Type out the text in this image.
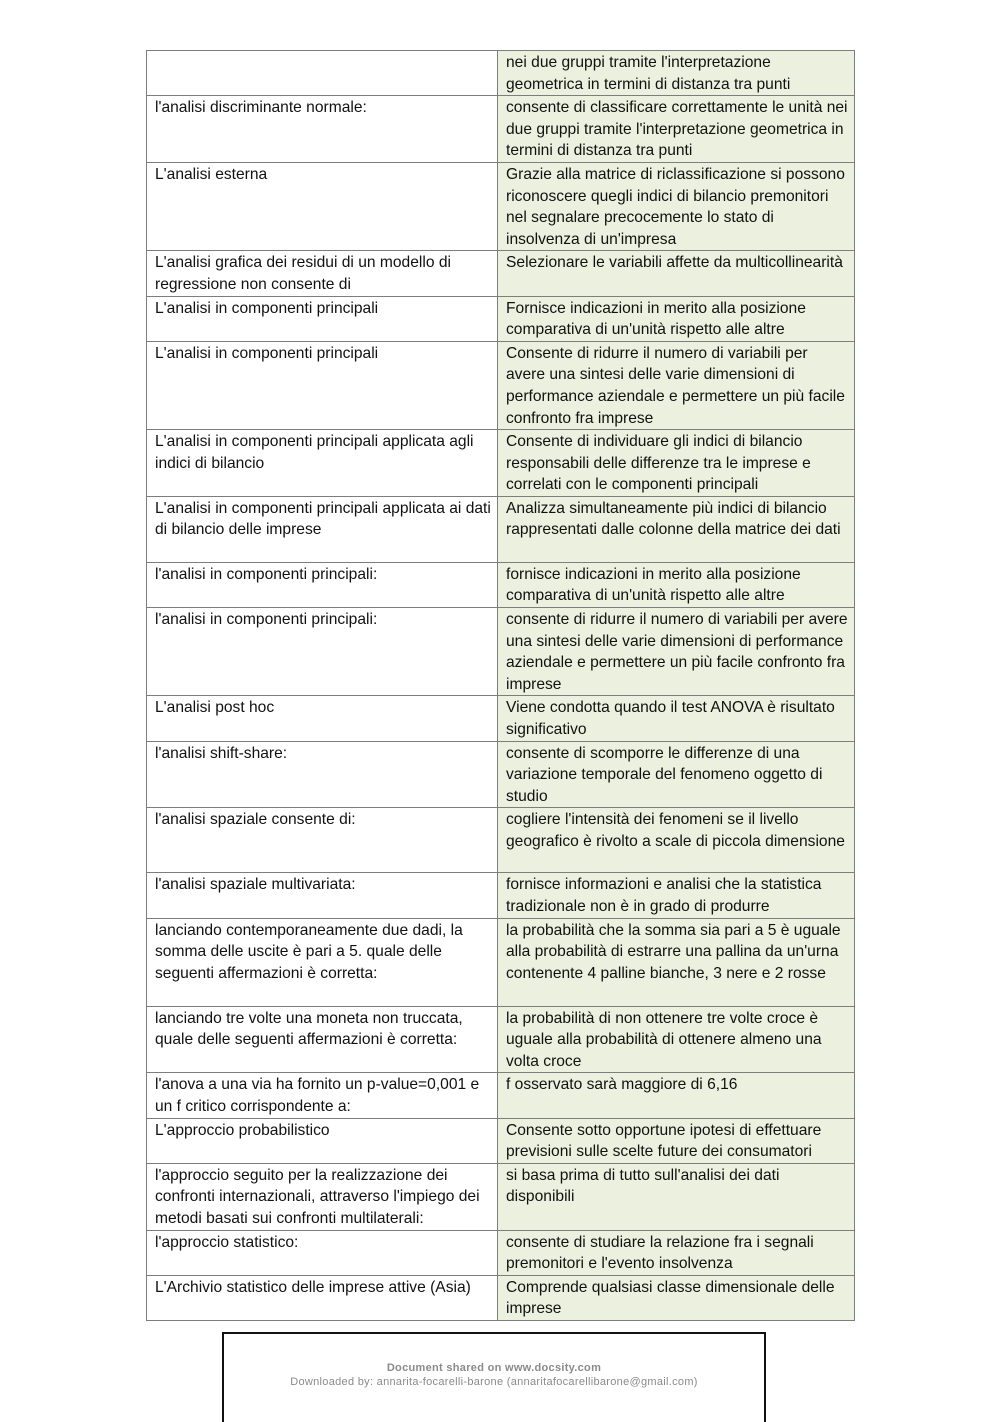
	nei due gruppi tramite l'interpretazione geometrica in termini di distanza tra punti
l'analisi discriminante normale:	consente di classificare correttamente le unità nei due gruppi tramite l'interpretazione geometrica in termini di distanza tra punti
L'analisi esterna	Grazie alla matrice di riclassificazione si possono riconoscere quegli indici di bilancio premonitori nel segnalare precocemente lo stato di insolvenza di un'impresa
L'analisi grafica dei residui di un modello di regressione non consente di	Selezionare le variabili affette da multicollinearità
L'analisi in componenti principali	Fornisce indicazioni in merito alla posizione comparativa di un'unità rispetto alle altre
L'analisi in componenti principali	Consente di ridurre il numero di variabili per avere una sintesi delle varie dimensioni di performance aziendale e permettere un più facile confronto fra imprese
L'analisi in componenti principali applicata agli indici di bilancio	Consente di individuare gli indici di bilancio responsabili delle differenze tra le imprese e correlati con le componenti principali
L'analisi in componenti principali applicata ai dati di bilancio delle imprese	Analizza simultaneamente più indici di bilancio rappresentati dalle colonne della matrice dei dati
l'analisi in componenti principali:	fornisce indicazioni in merito alla posizione comparativa di un'unità rispetto alle altre
l'analisi in componenti principali:	consente di ridurre il numero di variabili per avere una sintesi delle varie dimensioni di performance aziendale e permettere un più facile confronto fra imprese
L'analisi post hoc	Viene condotta quando il test ANOVA è risultato significativo
l'analisi shift-share:	consente di scomporre le differenze di una variazione temporale del fenomeno oggetto di studio
l'analisi spaziale consente di:	cogliere l'intensità dei fenomeni se il livello geografico è rivolto a scale di piccola dimensione
l'analisi spaziale multivariata:	fornisce informazioni e analisi che la statistica tradizionale non è in grado di produrre
lanciando contemporaneamente due dadi, la somma delle uscite è pari a 5. quale delle seguenti affermazioni è corretta:	la probabilità che la somma sia pari a 5 è uguale alla probabilità di estrarre una pallina da un'urna contenente 4 palline bianche, 3 nere e 2 rosse
lanciando tre volte una moneta non truccata, quale delle seguenti affermazioni è corretta:	la probabilità di non ottenere tre volte croce è uguale alla probabilità di ottenere almeno una volta croce
l'anova a una via ha fornito un p-value=0,001 e un f critico corrispondente a:	f osservato sarà maggiore di 6,16
L'approccio probabilistico	Consente sotto opportune ipotesi di effettuare previsioni sulle scelte future dei consumatori
l'approccio seguito per la realizzazione dei confronti internazionali, attraverso l'impiego dei metodi basati sui confronti multilaterali:	si basa prima di tutto sull'analisi dei dati disponibili
l'approccio statistico:	consente di studiare la relazione fra i segnali premonitori e l'evento insolvenza
L'Archivio statistico delle imprese attive (Asia)	Comprende qualsiasi classe dimensionale delle imprese
Document shared on www.docsity.com
Downloaded by: annarita-focarelli-barone (annaritafocarellibarone@gmail.com)
